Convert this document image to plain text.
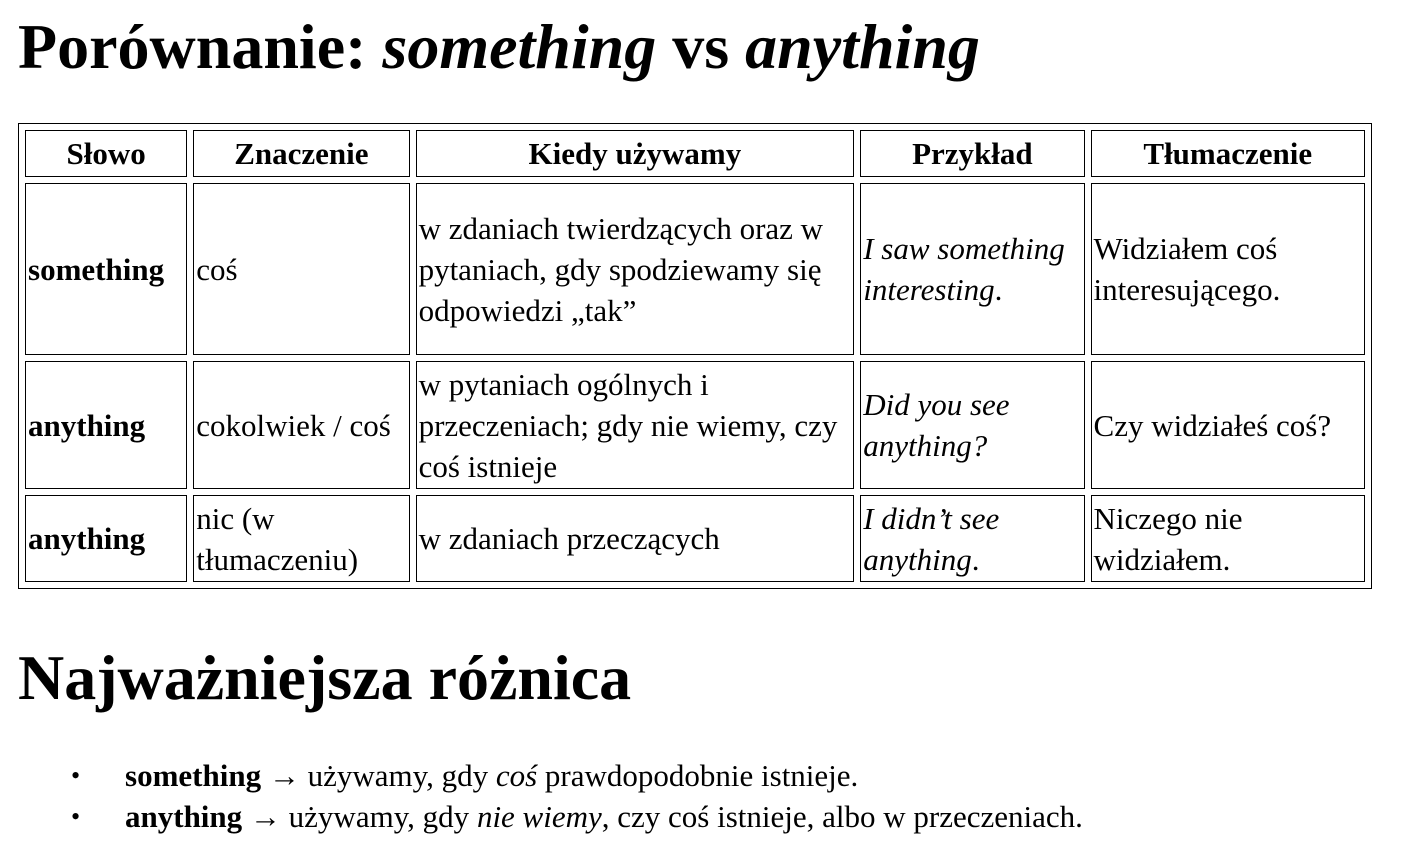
Porównanie: something vs anything
Słowo	Znaczenie	Kiedy używamy	Przykład	Tłumaczenie
something	coś	w zdaniach twierdzących oraz w pytaniach, gdy spodziewamy się odpowiedzi „tak”	I saw something interesting.	Widziałem coś interesującego.
anything	cokolwiek / coś	w pytaniach ogólnych i przeczeniach; gdy nie wiemy, czy coś istnieje	Did you see anything?	Czy widziałeś coś?
anything	nic (w tłumaczeniu)	w zdaniach przeczących	I didn’t see anything.	Niczego nie widziałem.
Najważniejsza różnica
• something → używamy, gdy coś prawdopodobnie istnieje.
• anything → używamy, gdy nie wiemy, czy coś istnieje, albo w przeczeniach.
